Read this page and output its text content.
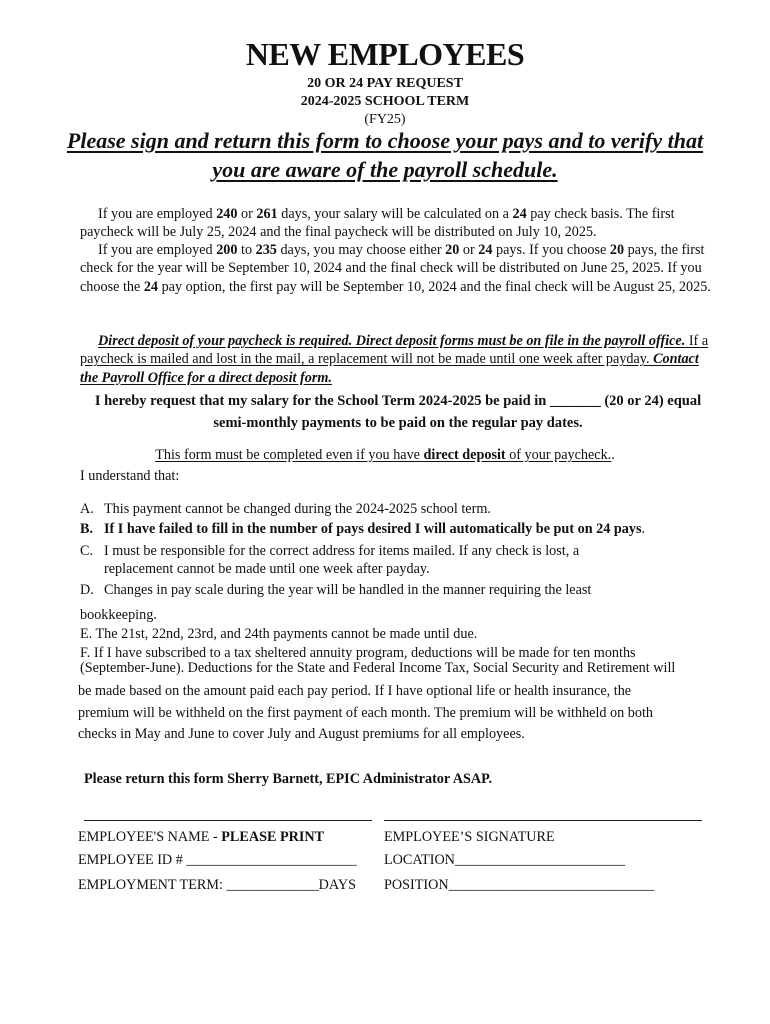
NEW EMPLOYEES
20 OR 24 PAY REQUEST
2024-2025 SCHOOL TERM
(FY25)
Please sign and return this form to choose your pays and to verify that you are aware of the payroll schedule.
If you are employed 240 or 261 days, your salary will be calculated on a 24 pay check basis. The first paycheck will be July 25, 2024 and the final paycheck will be distributed on July 10, 2025.
If you are employed 200 to 235 days, you may choose either 20 or 24 pays. If you choose 20 pays, the first check for the year will be September 10, 2024 and the final check will be distributed on June 25, 2025. If you choose the 24 pay option, the first pay will be September 10, 2024 and the final check will be August 25, 2025.
Direct deposit of your paycheck is required. Direct deposit forms must be on file in the payroll office. If a paycheck is mailed and lost in the mail, a replacement will not be made until one week after payday. Contact the Payroll Office for a direct deposit form.
I hereby request that my salary for the School Term 2024-2025 be paid in _______ (20 or 24) equal
semi-monthly payments to be paid on the regular pay dates.
This form must be completed even if you have direct deposit of your paycheck..
I understand that:
A. This payment cannot be changed during the 2024-2025 school term.
B. If I have failed to fill in the number of pays desired I will automatically be put on 24 pays.
C. I must be responsible for the correct address for items mailed. If any check is lost, a
replacement cannot be made until one week after payday.
D. Changes in pay scale during the year will be handled in the manner requiring the least
bookkeeping.
E. The 21st, 22nd, 23rd, and 24th payments cannot be made until due.
F. If I have subscribed to a tax sheltered annuity program, deductions will be made for ten months
(September-June). Deductions for the State and Federal Income Tax, Social Security and Retirement will
be made based on the amount paid each pay period. If I have optional life or health insurance, the
premium will be withheld on the first payment of each month. The premium will be withheld on both
checks in May and June to cover July and August premiums for all employees.
Please return this form Sherry Barnett, EPIC Administrator ASAP.
EMPLOYEE'S NAME - PLEASE PRINT	EMPLOYEE’S SIGNATURE
EMPLOYEE ID # ________________________ LOCATION________________________
EMPLOYMENT TERM: _____________DAYS POSITION_____________________________
